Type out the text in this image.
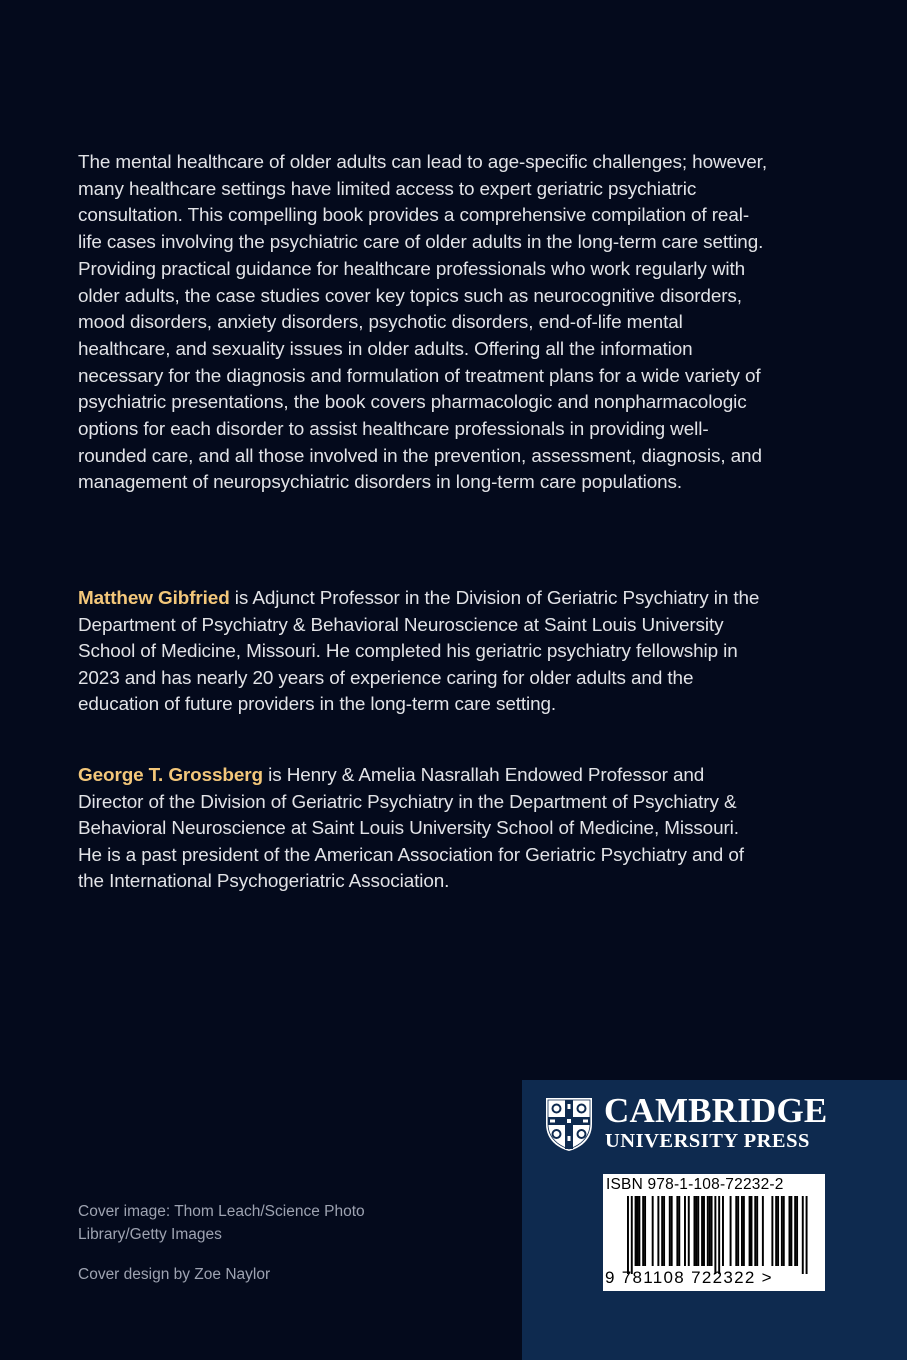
The mental healthcare of older adults can lead to age-specific challenges; however, many healthcare settings have limited access to expert geriatric psychiatric consultation. This compelling book provides a comprehensive compilation of real-life cases involving the psychiatric care of older adults in the long-term care setting. Providing practical guidance for healthcare professionals who work regularly with older adults, the case studies cover key topics such as neurocognitive disorders, mood disorders, anxiety disorders, psychotic disorders, end-of-life mental healthcare, and sexuality issues in older adults. Offering all the information necessary for the diagnosis and formulation of treatment plans for a wide variety of psychiatric presentations, the book covers pharmacologic and nonpharmacologic options for each disorder to assist healthcare professionals in providing well-rounded care, and all those involved in the prevention, assessment, diagnosis, and management of neuropsychiatric disorders in long-term care populations.

Matthew Gibfried is Adjunct Professor in the Division of Geriatric Psychiatry in the Department of Psychiatry & Behavioral Neuroscience at Saint Louis University School of Medicine, Missouri. He completed his geriatric psychiatry fellowship in 2023 and has nearly 20 years of experience caring for older adults and the education of future providers in the long-term care setting.

George T. Grossberg is Henry & Amelia Nasrallah Endowed Professor and Director of the Division of Geriatric Psychiatry in the Department of Psychiatry & Behavioral Neuroscience at Saint Louis University School of Medicine, Missouri. He is a past president of the American Association for Geriatric Psychiatry and of the International Psychogeriatric Association.

Cover image: Thom Leach/Science Photo Library/Getty Images

Cover design by Zoe Naylor

CAMBRIDGE
UNIVERSITY PRESS
ISBN 978-1-108-72232-2
9 781108 722322 >
